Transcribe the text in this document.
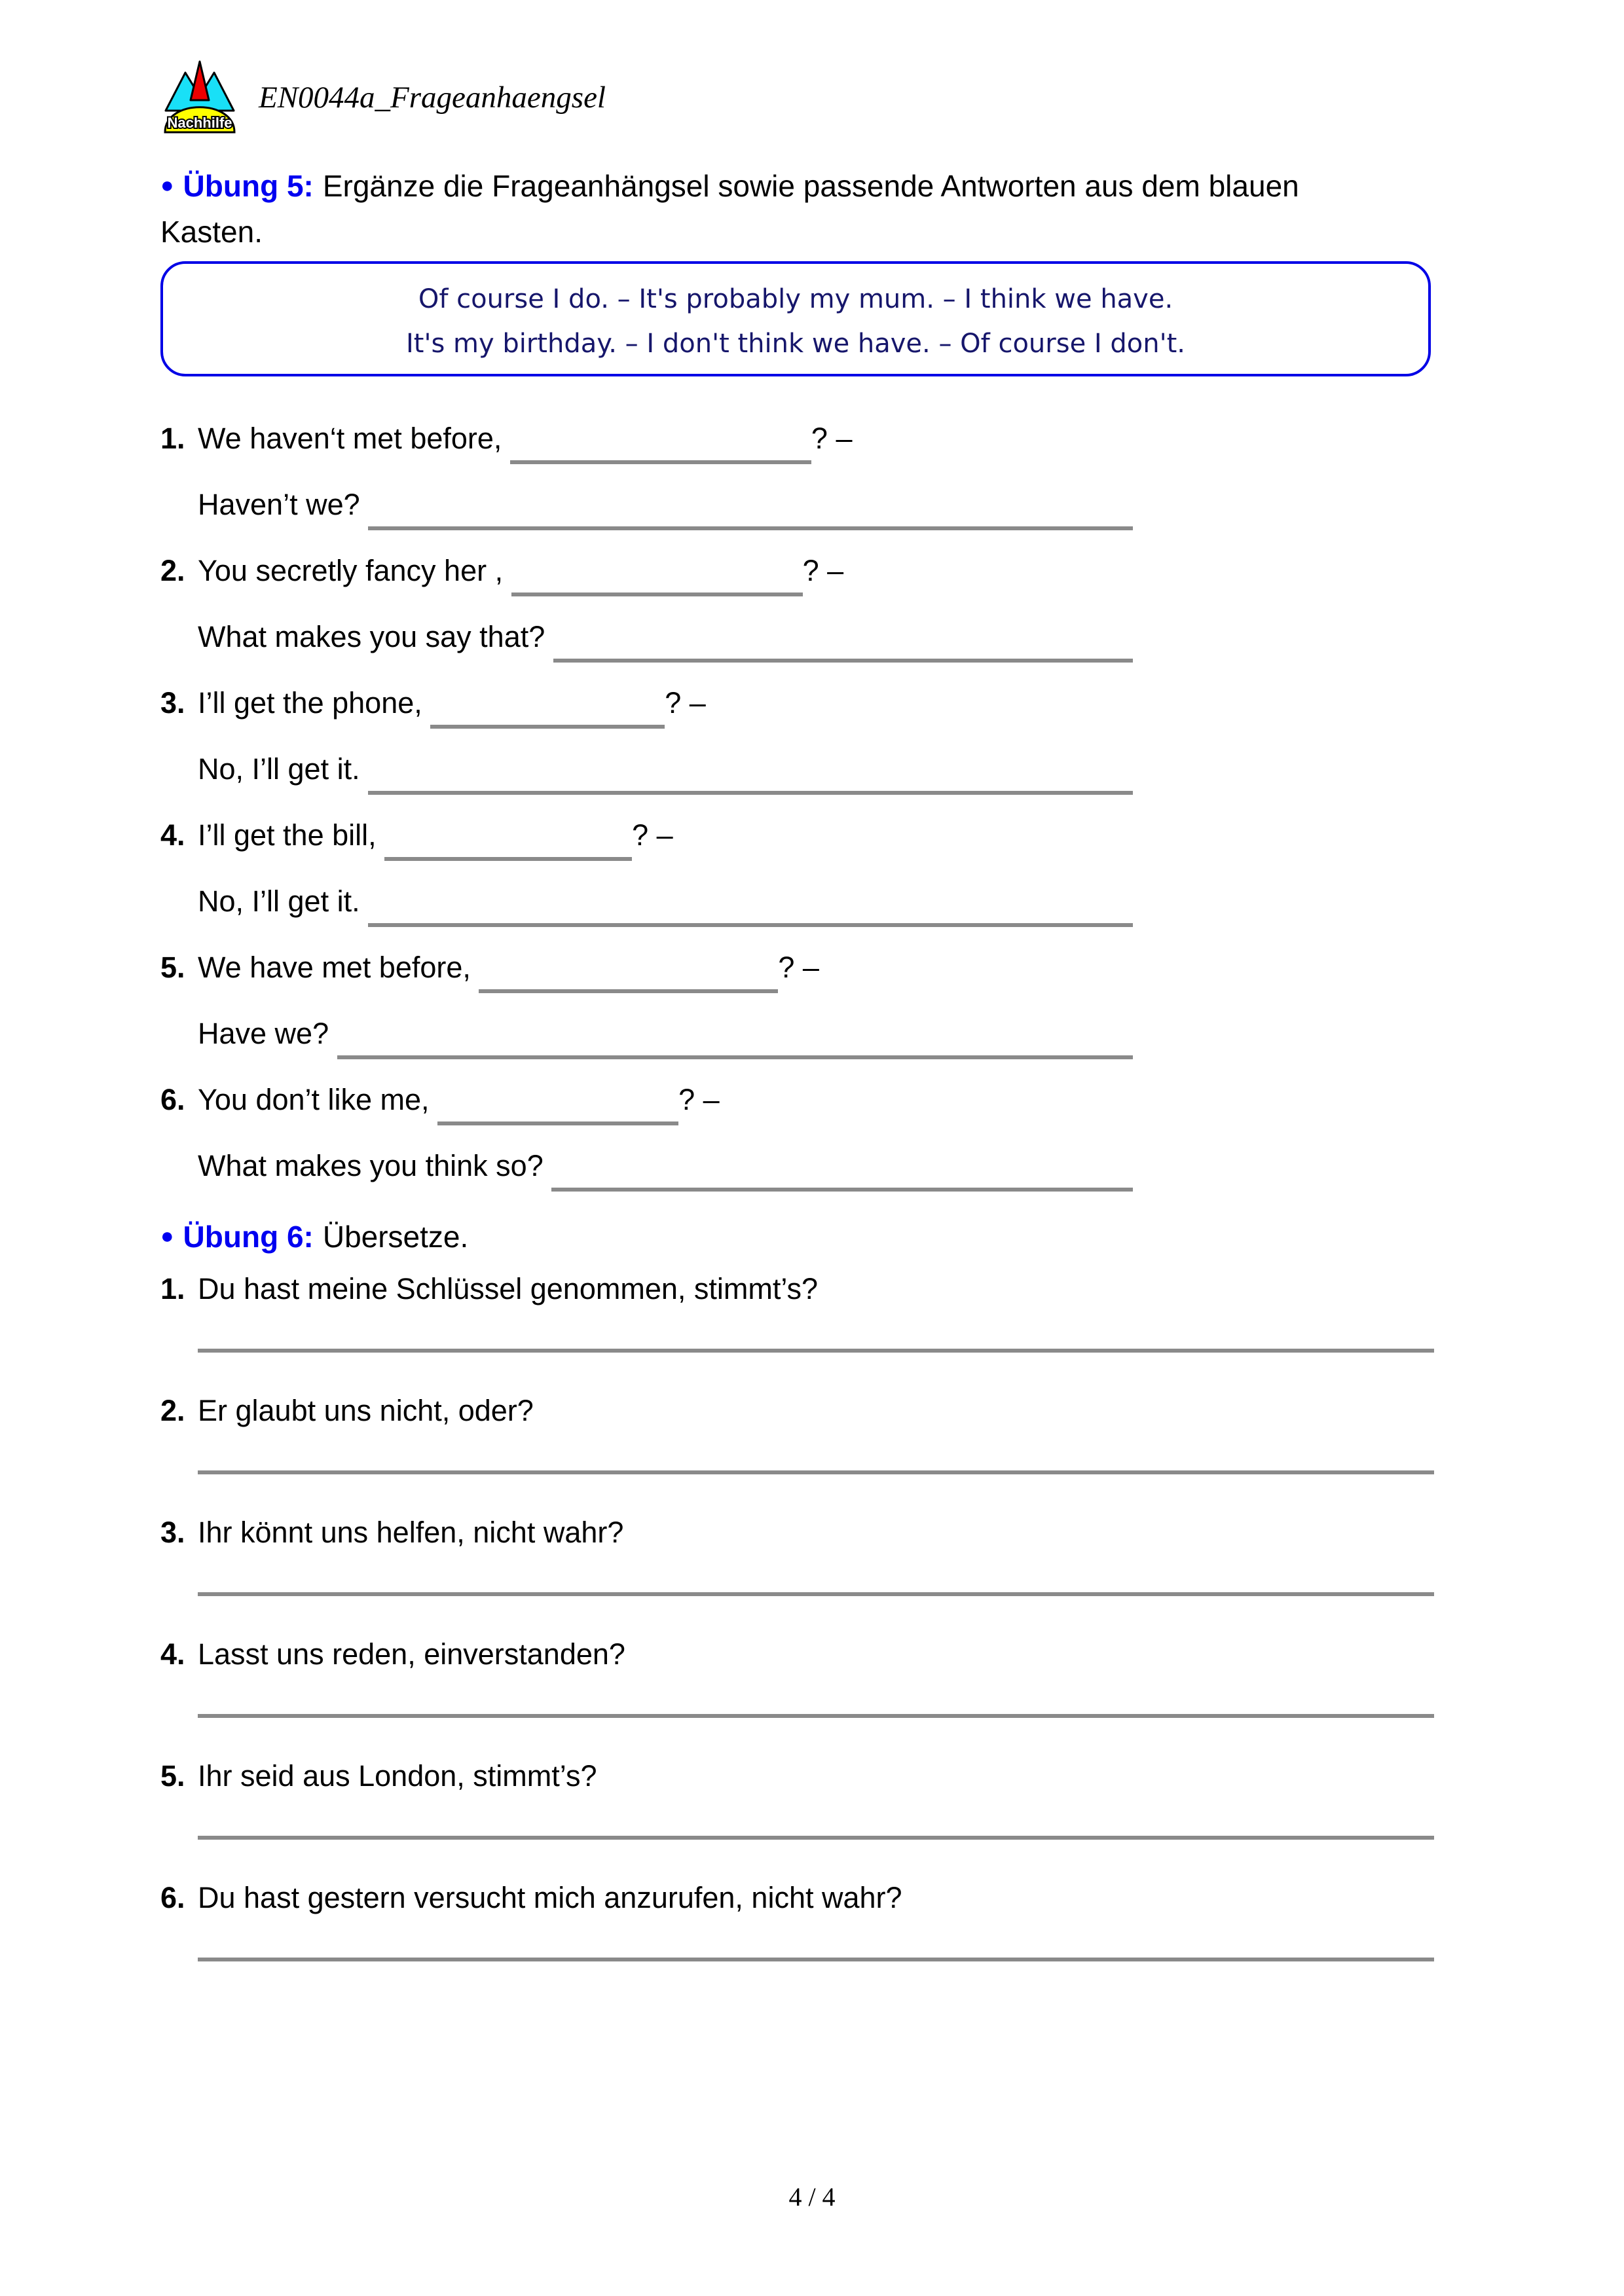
Nachhilfe
EN0044a_Frageanhaengsel
● Übung 5: Ergänze die Frageanhängsel sowie passende Antworten aus dem blauen
Kasten.
Of course I do. – It's probably my mum. – I think we have.
It's my birthday. – I don't think we have. – Of course I don't.
1. We haven‘t met before,	? –
Haven’t we?
2. You secretly fancy her ,	? –
What makes you say that?
3. I’ll get the phone,	? –
No, I’ll get it.
4. I’ll get the bill,	? –
No, I’ll get it.
5. We have met before,	? –
Have we?
6. You don’t like me,	? –
What makes you think so?
● Übung 6: Übersetze.
1. Du hast meine Schlüssel genommen, stimmt’s?
2. Er glaubt uns nicht, oder?
3. Ihr könnt uns helfen, nicht wahr?
4. Lasst uns reden, einverstanden?
5. Ihr seid aus London, stimmt’s?
6. Du hast gestern versucht mich anzurufen, nicht wahr?
4 / 4
